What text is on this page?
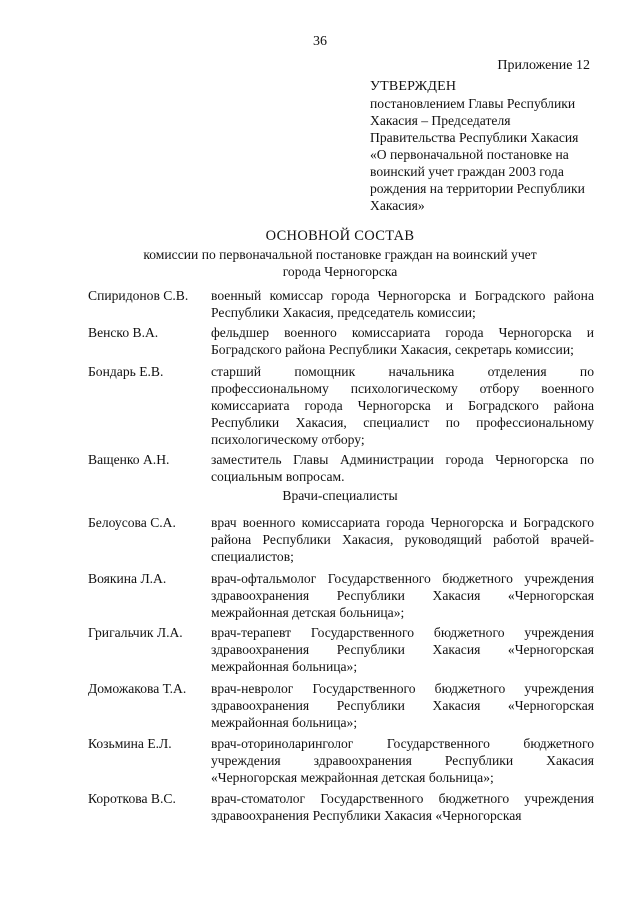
36
Приложение 12
УТВЕРЖДЕН
постановлением Главы Республики
Хакасия – Председателя
Правительства Республики Хакасия
«О первоначальной постановке на
воинский учет граждан 2003 года
рождения на территории Республики
Хакасия»
ОСНОВНОЙ СОСТАВ
комиссии по первоначальной постановке граждан на воинский учет
города Черногорска
Спиридонов С.В.	военный комиссар города Черногорска и Боградского района Республики Хакасия, председатель комиссии;
Венско В.А.	фельдшер военного комиссариата города Черногорска и Боградского района Республики Хакасия, секретарь комиссии;
Бондарь Е.В.	старший помощник начальника отделения по профессиональному психологическому отбору военного комиссариата города Черногорска и Боградского района Республики Хакасия, специалист по профессиональному психологическому отбору;
Ващенко А.Н.	заместитель Главы Администрации города Черногорска по социальным вопросам.
Врачи-специалисты
Белоусова С.А.	врач военного комиссариата города Черногорска и Боградского района Республики Хакасия, руководящий работой врачей-специалистов;
Воякина Л.А.	врач-офтальмолог Государственного бюджетного учреждения здравоохранения Республики Хакасия «Черногорская межрайонная детская больница»;
Григальчик Л.А.	врач-терапевт Государственного бюджетного учреждения здравоохранения Республики Хакасия «Черногорская межрайонная больница»;
Доможакова Т.А.	врач-невролог Государственного бюджетного учреждения здравоохранения Республики Хакасия «Черногорская межрайонная больница»;
Козьмина Е.Л.	врач-оториноларинголог Государственного бюджетного учреждения здравоохранения Республики Хакасия «Черногорская межрайонная детская больница»;
Короткова В.С.	врач-стоматолог Государственного бюджетного учреждения здравоохранения Республики Хакасия «Черногорская
